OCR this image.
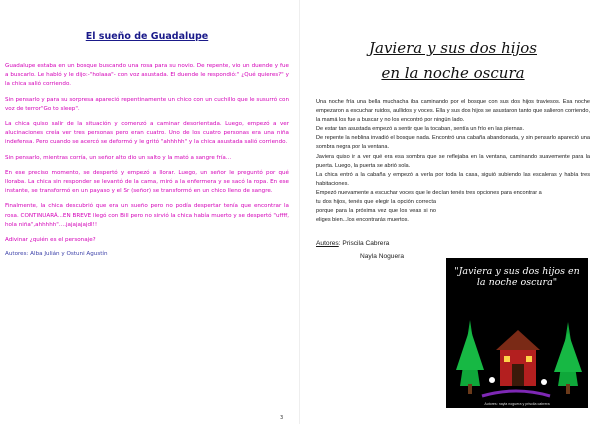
El sueño de Guadalupe

Guadalupe estaba en un bosque buscando una rosa para su novio. De repente, vio un duende y fue a buscarlo. Le habló y le dijo:-"holaaa"- con voz asustada. El duende le respondió:" ¿Qué quieres?" y la chica salió corriendo.

Sin pensarlo y para su sorpresa apareció repentinamente un chico con un cuchillo que le susurró con voz de terror"Go to sleep".

La chica quiso salir de la situación y comenzó a caminar desorientada. Luego, empezó a ver alucinaciones creía ver tres personas pero eran cuatro. Uno de los cuatro personas era una niña indefensa. Pero cuando se acercó se deformó y le gritó "ahhhhh" y la chica asustada salió corriendo.

Sin pensarlo, mientras corría, un señor alto dio un salto y la mató a sangre fría...

En ese preciso momento, se despertó y empezó a llorar. Luego, un señor le preguntó por qué lloraba. La chica sin responder se levantó de la cama, miró a la enfermera y se sacó la ropa. En ese instante, se transformó en un payaso y el Sr (señor) se transformó en un chico lleno de sangre.

Finalmente, la chica descubrió que era un sueño pero no podía despertar tenía que encontrar la rosa. CONTINUARÁ...EN BREVE llegó con Bill pero no sirvió la chica había muerto y se despertó "uffff, hola niña",ahhhhh"....jajajajajdl!!

Adivinar ¿quién es el personaje?

Autores: Alba Julián y Ostuni Agustín

3
Javiera y sus dos hijos
en la noche oscura

Una noche fría una bella muchacha iba caminando por el bosque con sus dos hijos traviesos. Esa noche empezaron a escuchar ruidos, aullidos y voces. Ella y sus dos hijos se asustaron tanto que salieron corriendo, la mamá los fue a buscar y no los encontró por ningún lado.

De estar tan asustada empezó a sentir que la tocaban, sentía un frío en las piernas.

De repente la neblina invadió el bosque nada. Encontró una cabaña abandonada, y sin pensarlo apareció una sombra negra por la ventana.

Javiera quiso ir a ver qué era esa sombra que se reflejaba en la ventana, caminando suavemente para la puerta. Luego, la puerta se abrió sola.

La chica entró a la cabaña y empezó a verla por toda la casa, siguió subiendo las escaleras y había tres habitaciones.

Empezó nuevamente a escuchar voces que le decían tenés tres opciones para encontrar a

tu dos hijos, tenés que elegir la opción correcta porque para la próxima vez que los veas si no eliges bien...los encontrarás muertos.

Autores: Priscila Cabrera
Nayla Noguera
"Javiera y sus dos hijos en la noche oscura"
Autores: nayla noguera y priscila cabrera
